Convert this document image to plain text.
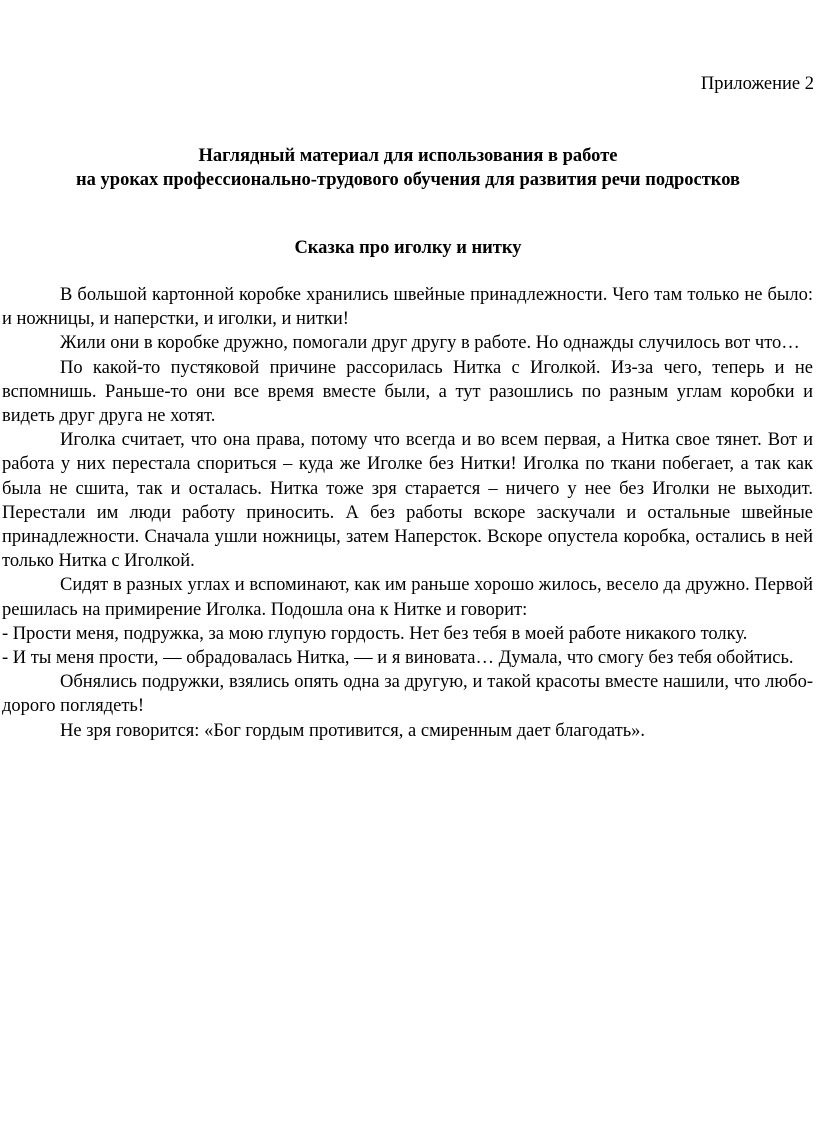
Приложение 2
Наглядный материал для использования в работе
на уроках профессионально-трудового обучения для развития речи подростков
Сказка про иголку и нитку

В большой картонной коробке хранились швейные принадлежности. Чего там только не было: и ножницы, и наперстки, и иголки, и нитки!

Жили они в коробке дружно, помогали друг другу в работе. Но однажды случилось вот что…

По какой-то пустяковой причине рассорилась Нитка с Иголкой. Из-за чего, теперь и не вспомнишь. Раньше-то они все время вместе были, а тут разошлись по разным углам коробки и видеть друг друга не хотят.

Иголка считает, что она права, потому что всегда и во всем первая, а Нитка свое тянет. Вот и работа у них перестала спориться – куда же Иголке без Нитки! Иголка по ткани побегает, а так как была не сшита, так и осталась. Нитка тоже зря старается – ничего у нее без Иголки не выходит. Перестали им люди работу приносить. А без работы вскоре заскучали и остальные швейные принадлежности. Сначала ушли ножницы, затем Наперсток. Вскоре опустела коробка, остались в ней только Нитка с Иголкой.

Сидят в разных углах и вспоминают, как им раньше хорошо жилось, весело да дружно. Первой решилась на примирение Иголка. Подошла она к Нитке и говорит:

- Прости меня, подружка, за мою глупую гордость. Нет без тебя в моей работе никакого толку.

- И ты меня прости, — обрадовалась Нитка, — и я виновата… Думала, что смогу без тебя обойтись.

Обнялись подружки, взялись опять одна за другую, и такой красоты вместе нашили, что любо-дорого поглядеть!

Не зря говорится: «Бог гордым противится, а смиренным дает благодать».
